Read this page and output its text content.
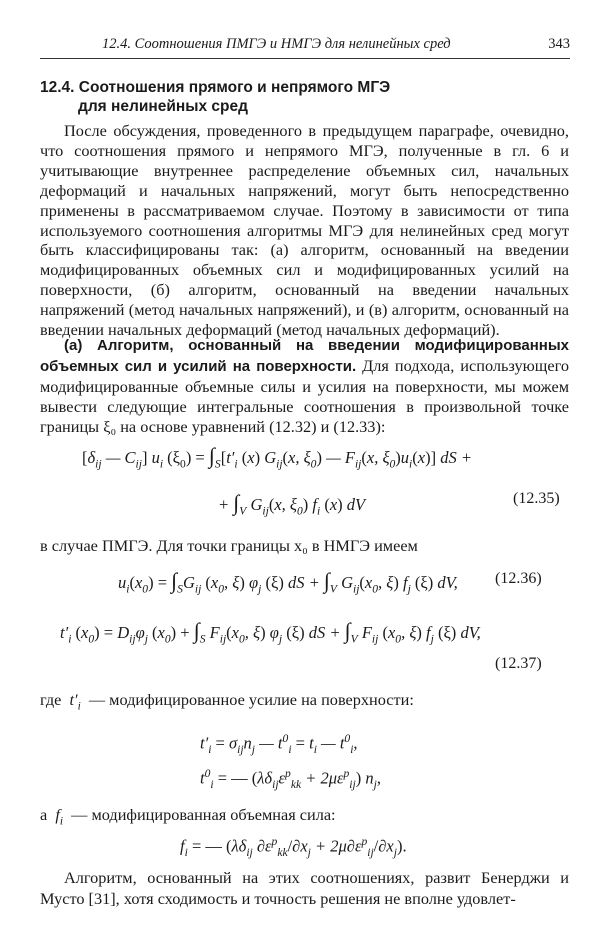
12.4. Соотношения ПМГЭ и НМГЭ для нелинейных сред	343
12.4. Соотношения прямого и непрямого МГЭ
для нелинейных сред
После обсуждения, проведенного в предыдущем параграфе, очевидно, что соотношения прямого и непрямого МГЭ, полученные в гл. 6 и учитывающие внутреннее распределение объемных сил, начальных деформаций и начальных напряжений, могут быть непосредственно применены в рассматриваемом случае. Поэтому в зависимости от типа используемого соотношения алгоритмы МГЭ для нелинейных сред могут быть классифицированы так: (а) алгоритм, основанный на введении модифицированных объемных сил и модифицированных усилий на поверхности, (б) алгоритм, основанный на введении начальных напряжений (метод начальных напряжений), и (в) алгоритм, основанный на введении начальных деформаций (метод начальных деформаций).
(а) Алгоритм, основанный на введении модифицированных объемных сил и усилий на поверхности. Для подхода, использующего модифицированные объемные силы и усилия на поверхности, мы можем вывести следующие интегральные соотношения в произвольной точке границы ξ₀ на основе уравнений (12.32) и (12.33):
[$\delta_{ij}$ — $C_{ij}$] $u_i$ $(\xi_0) = \int_S[t'_i$ (x) $G_{ij}(x$, $\xi_0$) — $F_{ij}(x$, $\xi_0)u_i(x)$] dS +
+ $\int_V$ $G_{ij}(x$, $\xi_0$) $f_i$ (x) dV	(12.35)
в случае ПМГЭ. Для точки границы x₀ в НМГЭ имеем
$u_i(x_0) = \int_SG_{ij}$ ($x_0$, ξ) $\varphi_j$ (ξ) dS + $\int_V$ $G_{ij}(x_0$, ξ) $f_j$ (ξ) dV, (12.36)
$t'_i$ $(x_0) = D_{ij}\varphi_j$ $(x_0) + \int_S$ $F_{ij}(x_0$, ξ) $\varphi_j$ (ξ) dS + $\int_V$ $F_{ij}$ ($x_0$, ξ) $f_j$ (ξ) dV,
(12.37)
где $t'_i$ — модифицированное усилие на поверхности:
$t'_i = \sigma_{ij}n_j$ — $t^0_i = t_i$ — $t^0_i$,
$t^0_i$ = — $(\lambda\delta_{ij}\varepsilon^p_{kk} + 2\mu\varepsilon^p_{ij})$ $n_j$,
а $f_i$ — модифицированная объемная сила:
$f_i$ = — ($\lambda\delta_{ij}$ $\partial\varepsilon^p_{kk}/\partial x_j + 2\mu\partial\varepsilon^p_{ij}/\partial x_j$).
Алгоритм, основанный на этих соотношениях, развит Бенерджи и Мусто [31], хотя сходимость и точность решения не вполне удовлет-
